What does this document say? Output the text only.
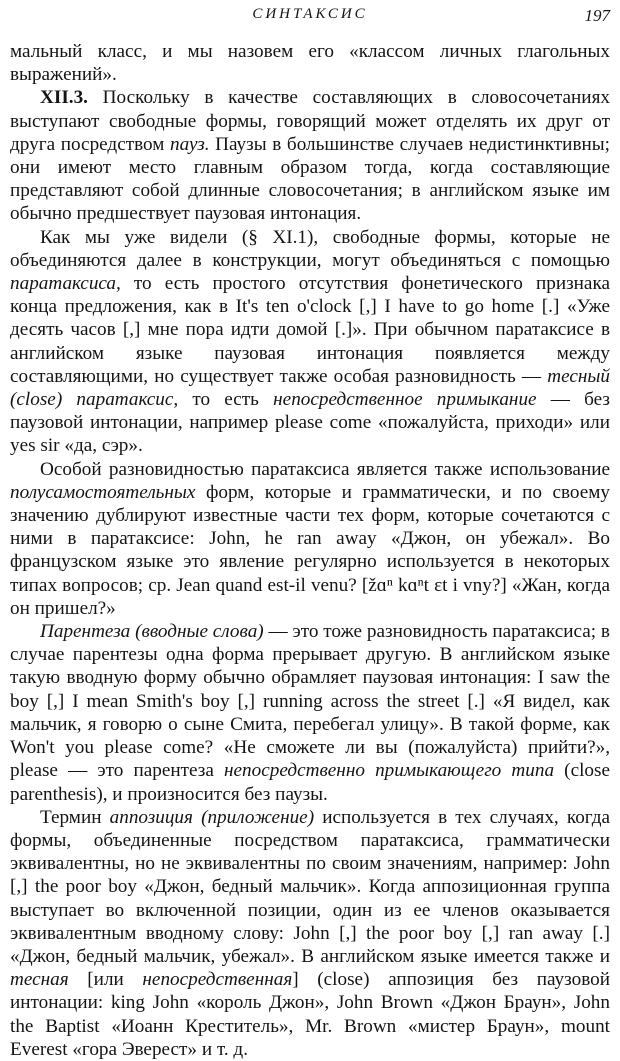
СИНТАКСИС	197

мальный класс, и мы назовем его «классом личных глагольных выражений».

XII.3. Поскольку в качестве составляющих в словосочетаниях выступают свободные формы, говорящий может отделять их друг от друга посредством пауз. Паузы в большинстве случаев недистинктивны; они имеют место главным образом тогда, когда составляющие представляют собой длинные словосочетания; в английском языке им обычно предшествует паузовая интонация.

Как мы уже видели (§ XI.1), свободные формы, которые не объединяются далее в конструкции, могут объединяться с помощью паратаксиса, то есть простого отсутствия фонетического признака конца предложения, как в It's ten o'clock [,] I have to go home [.] «Уже десять часов [,] мне пора идти домой [.]». При обычном паратаксисе в английском языке паузовая интонация появляется между составляющими, но существует также особая разновидность — тесный (close) паратаксис, то есть непосредственное примыкание — без паузовой интонации, например please come «пожалуйста, приходи» или yes sir «да, сэр».

Особой разновидностью паратаксиса является также использование полусамостоятельных форм, которые и грамматически, и по своему значению дублируют известные части тех форм, которые сочетаются с ними в паратаксисе: John, he ran away «Джон, он убежал». Во французском языке это явление регулярно используется в некоторых типах вопросов; ср. Jean quand est-il venu? [žɑⁿ kɑⁿt ɛt i vny?] «Жан, когда он пришел?»

Парентеза (вводные слова) — это тоже разновидность паратаксиса; в случае парентезы одна форма прерывает другую. В английском языке такую вводную форму обычно обрамляет паузовая интонация: I saw the boy [,] I mean Smith's boy [,] running across the street [.] «Я видел, как мальчик, я говорю о сыне Смита, перебегал улицу». В такой форме, как Won't you please come? «Не сможете ли вы (пожалуйста) прийти?», please — это парентеза непосредственно примыкающего типа (close parenthesis), и произносится без паузы.

Термин аппозиция (приложение) используется в тех случаях, когда формы, объединенные посредством паратаксиса, грамматически эквивалентны, но не эквивалентны по своим значениям, например: John [,] the poor boy «Джон, бедный мальчик». Когда аппозиционная группа выступает во включенной позиции, один из ее членов оказывается эквивалентным вводному слову: John [,] the poor boy [,] ran away [.] «Джон, бедный мальчик, убежал». В английском языке имеется также и тесная [или непосредственная] (close) аппозиция без паузовой интонации: king John «король Джон», John Brown «Джон Браун», John the Baptist «Иоанн Креститель», Mr. Brown «мистер Браун», mount Everest «гора Эверест» и т. д.
